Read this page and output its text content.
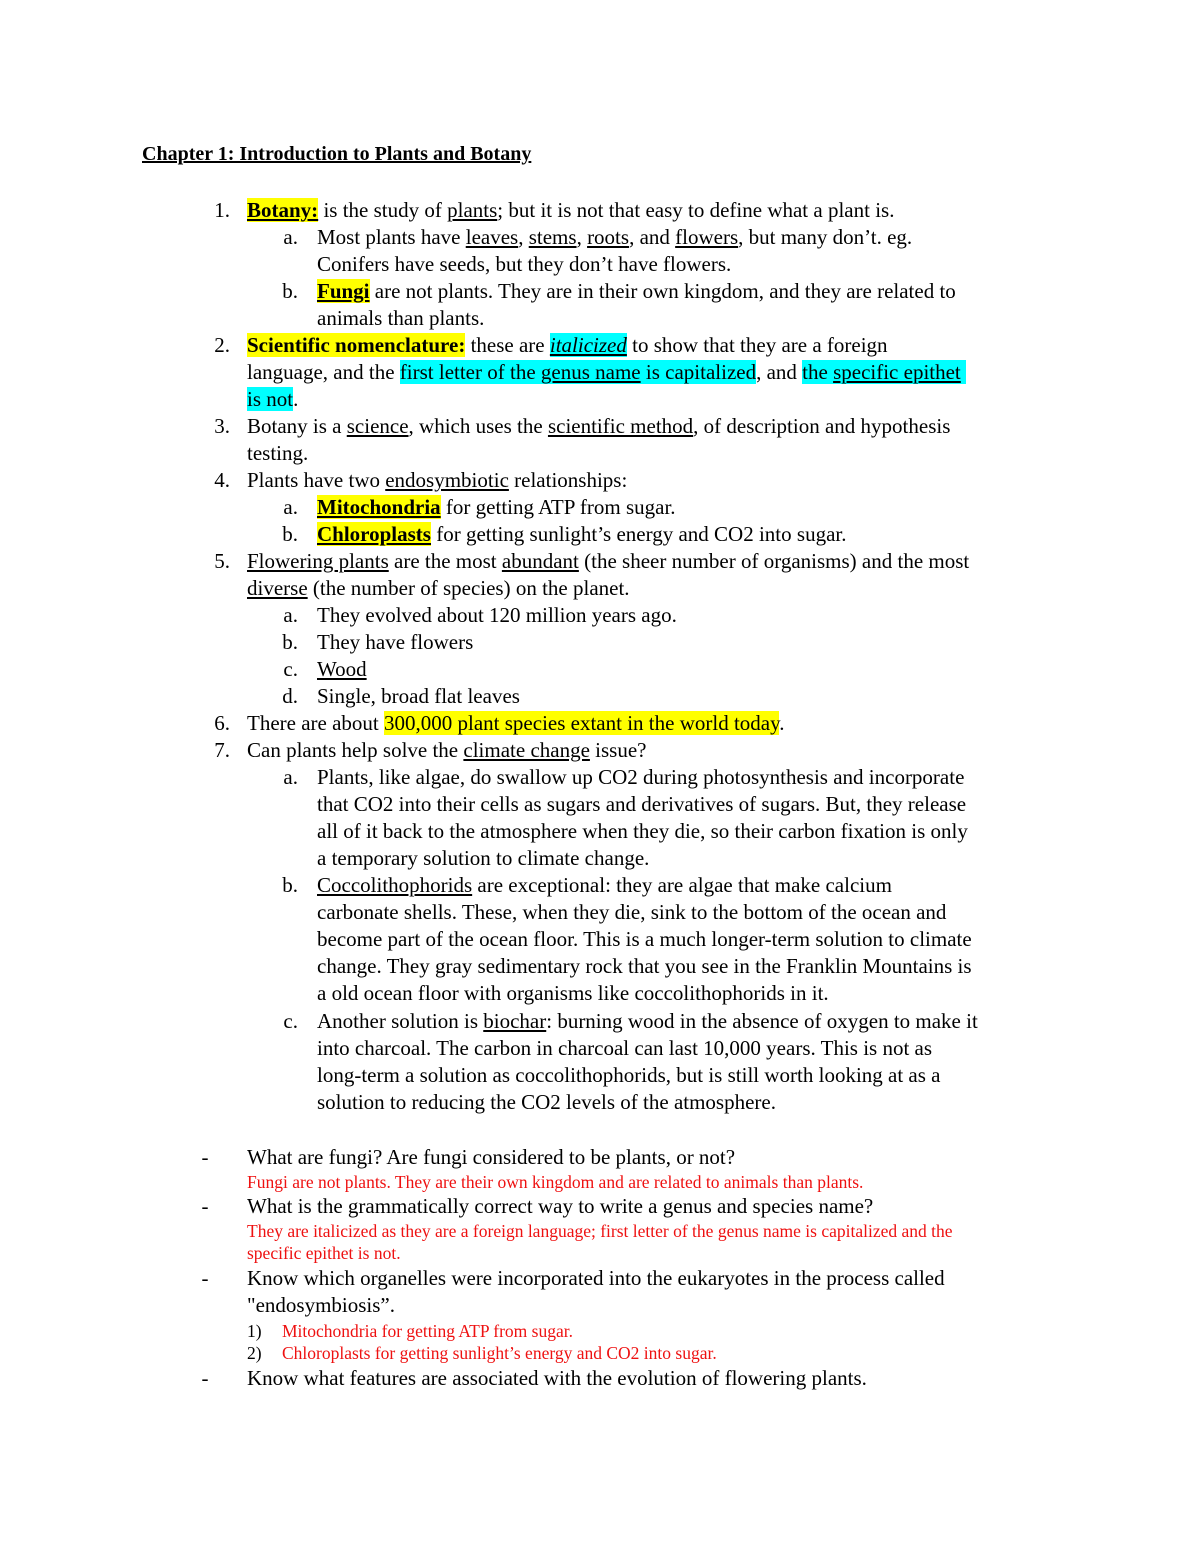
Chapter 1: Introduction to Plants and Botany
1. Botany: is the study of plants; but it is not that easy to define what a plant is.
a. Most plants have leaves, stems, roots, and flowers, but many don’t. eg.
Conifers have seeds, but they don’t have flowers.
b. Fungi are not plants. They are in their own kingdom, and they are related to
animals than plants.
2. Scientific nomenclature: these are italicized to show that they are a foreign
language, and the first letter of the genus name is capitalized, and the specific epithet
is not.
3. Botany is a science, which uses the scientific method, of description and hypothesis
testing.
4. Plants have two endosymbiotic relationships:
a. Mitochondria for getting ATP from sugar.
b. Chloroplasts for getting sunlight’s energy and CO2 into sugar.
5. Flowering plants are the most abundant (the sheer number of organisms) and the most
diverse (the number of species) on the planet.
a. They evolved about 120 million years ago.
b. They have flowers
c. Wood
d. Single, broad flat leaves
6. There are about 300,000 plant species extant in the world today.
7. Can plants help solve the climate change issue?
a. Plants, like algae, do swallow up CO2 during photosynthesis and incorporate
that CO2 into their cells as sugars and derivatives of sugars. But, they release
all of it back to the atmosphere when they die, so their carbon fixation is only
a temporary solution to climate change.
b. Coccolithophorids are exceptional: they are algae that make calcium
carbonate shells. These, when they die, sink to the bottom of the ocean and
become part of the ocean floor. This is a much longer-term solution to climate
change. They gray sedimentary rock that you see in the Franklin Mountains is
a old ocean floor with organisms like coccolithophorids in it.
c. Another solution is biochar: burning wood in the absence of oxygen to make it
into charcoal. The carbon in charcoal can last 10,000 years. This is not as
long-term a solution as coccolithophorids, but is still worth looking at as a
solution to reducing the CO2 levels of the atmosphere.
-	What are fungi? Are fungi considered to be plants, or not?
Fungi are not plants. They are their own kingdom and are related to animals than plants.
-	What is the grammatically correct way to write a genus and species name?
They are italicized as they are a foreign language; first letter of the genus name is capitalized and the
specific epithet is not.
-	Know which organelles were incorporated into the eukaryotes in the process called
"endosymbiosis”.
1) Mitochondria for getting ATP from sugar.
2) Chloroplasts for getting sunlight’s energy and CO2 into sugar.
-	Know what features are associated with the evolution of flowering plants.
